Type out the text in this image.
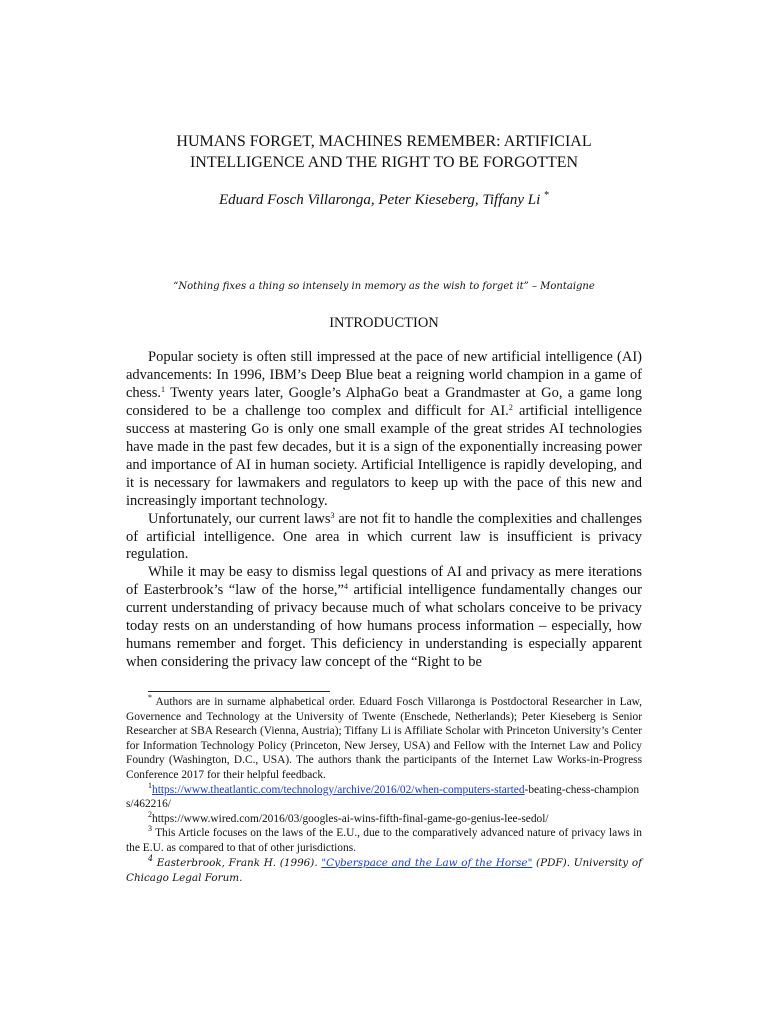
HUMANS FORGET, MACHINES REMEMBER: ARTIFICIAL
INTELLIGENCE AND THE RIGHT TO BE FORGOTTEN
Eduard Fosch Villaronga, Peter Kieseberg, Tiffany Li *
“Nothing fixes a thing so intensely in memory as the wish to forget it” – Montaigne
INTRODUCTION

Popular society is often still impressed at the pace of new artificial intelligence (AI) advancements: In 1996, IBM’s Deep Blue beat a reigning world champion in a game of chess.$^1$ Twenty years later, Google’s AlphaGo beat a Grandmaster at Go, a game long considered to be a challenge too complex and difficult for AI.$^2$ artificial intelligence success at mastering Go is only one small example of the great strides AI technologies have made in the past few decades, but it is a sign of the exponentially increasing power and importance of AI in human society. Artificial Intelligence is rapidly developing, and it is necessary for lawmakers and regulators to keep up with the pace of this new and increasingly important technology.

Unfortunately, our current laws$^3$ are not fit to handle the complexities and challenges of artificial intelligence. One area in which current law is insufficient is privacy regulation.

While it may be easy to dismiss legal questions of AI and privacy as mere iterations of Easterbrook’s “law of the horse,”$^4$ artificial intelligence fundamentally changes our current understanding of privacy because much of what scholars conceive to be privacy today rests on an understanding of how humans process information – especially, how humans remember and forget. This deficiency in understanding is especially apparent when considering the privacy law concept of the “Right to be

* Authors are in surname alphabetical order. Eduard Fosch Villaronga is Postdoctoral Researcher in Law, Governence and Technology at the University of Twente (Enschede, Netherlands); Peter Kieseberg is Senior Researcher at SBA Research (Vienna, Austria); Tiffany Li is Affiliate Scholar with Princeton University’s Center for Information Technology Policy (Princeton, New Jersey, USA) and Fellow with the Internet Law and Policy Foundry (Washington, D.C., USA). The authors thank the participants of the Internet Law Works-in-Progress Conference 2017 for their helpful feedback.

$^1$https://www.theatlantic.com/technology/archive/2016/02/when-computers-started-beating-chess-champions/462216/

$^2$https://www.wired.com/2016/03/googles-ai-wins-fifth-final-game-go-genius-lee-sedol/

$^3$ This Article focuses on the laws of the E.U., due to the comparatively advanced nature of privacy laws in the E.U. as compared to that of other jurisdictions.

$^4$ Easterbrook, Frank H. (1996). "Cyberspace and the Law of the Horse" (PDF). University of Chicago Legal Forum.
